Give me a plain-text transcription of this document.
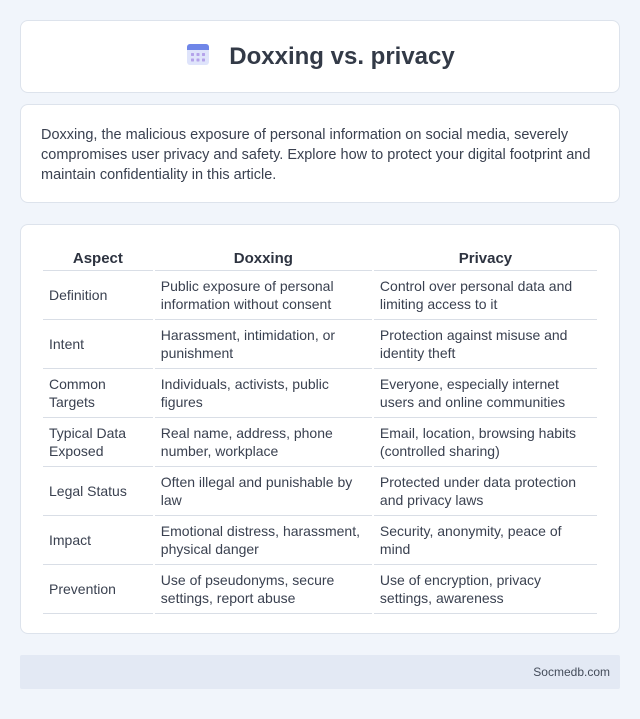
Doxxing vs. privacy

Doxxing, the malicious exposure of personal information on social media, severely compromises user privacy and safety. Explore how to protect your digital footprint and maintain confidentiality in this article.

Aspect	Doxxing	Privacy
Definition	Public exposure of personal information without consent	Control over personal data and limiting access to it
Intent	Harassment, intimidation, or punishment	Protection against misuse and identity theft
Common Targets	Individuals, activists, public figures	Everyone, especially internet users and online communities
Typical Data Exposed	Real name, address, phone number, workplace	Email, location, browsing habits (controlled sharing)
Legal Status	Often illegal and punishable by law	Protected under data protection and privacy laws
Impact	Emotional distress, harassment, physical danger	Security, anonymity, peace of mind
Prevention	Use of pseudonyms, secure settings, report abuse	Use of encryption, privacy settings, awareness
Socmedb.com
